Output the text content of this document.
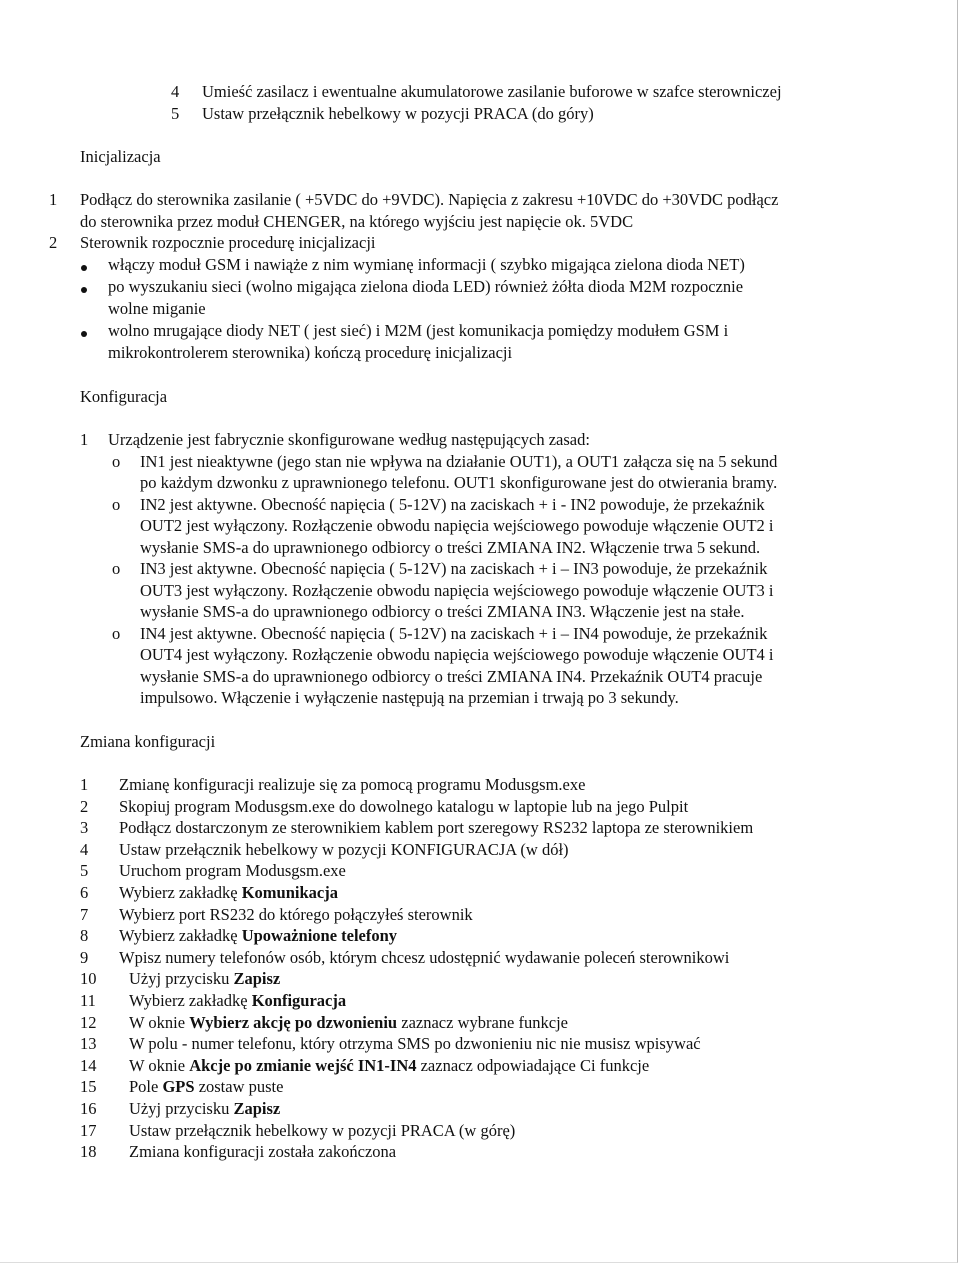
4 Umieść zasilacz i ewentualne akumulatorowe zasilanie buforowe w szafce sterowniczej
5 Ustaw przełącznik hebelkowy w pozycji PRACA (do góry)
Inicjalizacja
1 Podłącz do sterownika zasilanie ( +5VDC do +9VDC). Napięcia z zakresu +10VDC do +30VDC podłącz
do sterownika przez moduł CHENGER, na którego wyjściu jest napięcie ok. 5VDC
2 Sterownik rozpocznie procedurę inicjalizacji
włączy moduł GSM i nawiąże z nim wymianę informacji ( szybko migająca zielona dioda NET)
po wyszukaniu sieci (wolno migająca zielona dioda LED) również żółta dioda M2M rozpocznie
wolne miganie
wolno mrugające diody NET ( jest sieć) i M2M (jest komunikacja pomiędzy modułem GSM i
mikrokontrolerem sterownika) kończą procedurę inicjalizacji
Konfiguracja
1 Urządzenie jest fabrycznie skonfigurowane według następujących zasad:
o IN1 jest nieaktywne (jego stan nie wpływa na działanie OUT1), a OUT1 załącza się na 5 sekund
po każdym dzwonku z uprawnionego telefonu. OUT1 skonfigurowane jest do otwierania bramy.
o IN2 jest aktywne. Obecność napięcia ( 5-12V) na zaciskach + i - IN2 powoduje, że przekaźnik
OUT2 jest wyłączony. Rozłączenie obwodu napięcia wejściowego powoduje włączenie OUT2 i
wysłanie SMS-a do uprawnionego odbiorcy o treści ZMIANA IN2. Włączenie trwa 5 sekund.
o IN3 jest aktywne. Obecność napięcia ( 5-12V) na zaciskach + i – IN3 powoduje, że przekaźnik
OUT3 jest wyłączony. Rozłączenie obwodu napięcia wejściowego powoduje włączenie OUT3 i
wysłanie SMS-a do uprawnionego odbiorcy o treści ZMIANA IN3. Włączenie jest na stałe.
o IN4 jest aktywne. Obecność napięcia ( 5-12V) na zaciskach + i – IN4 powoduje, że przekaźnik
OUT4 jest wyłączony. Rozłączenie obwodu napięcia wejściowego powoduje włączenie OUT4 i
wysłanie SMS-a do uprawnionego odbiorcy o treści ZMIANA IN4. Przekaźnik OUT4 pracuje
impulsowo. Włączenie i wyłączenie następują na przemian i trwają po 3 sekundy.
Zmiana konfiguracji
1 Zmianę konfiguracji realizuje się za pomocą programu Modusgsm.exe
2 Skopiuj program Modusgsm.exe do dowolnego katalogu w laptopie lub na jego Pulpit
3 Podłącz dostarczonym ze sterownikiem kablem port szeregowy RS232 laptopa ze sterownikiem
4 Ustaw przełącznik hebelkowy w pozycji KONFIGURACJA (w dół)
5 Uruchom program Modusgsm.exe
6 Wybierz zakładkę Komunikacja
7 Wybierz port RS232 do którego połączyłeś sterownik
8 Wybierz zakładkę Upoważnione telefony
9 Wpisz numery telefonów osób, którym chcesz udostępnić wydawanie poleceń sterownikowi
10 Użyj przycisku Zapisz
11 Wybierz zakładkę Konfiguracja
12 W oknie Wybierz akcję po dzwonieniu zaznacz wybrane funkcje
13 W polu - numer telefonu, który otrzyma SMS po dzwonieniu nic nie musisz wpisywać
14 W oknie Akcje po zmianie wejść IN1-IN4 zaznacz odpowiadające Ci funkcje
15 Pole GPS zostaw puste
16 Użyj przycisku Zapisz
17 Ustaw przełącznik hebelkowy w pozycji PRACA (w górę)
18 Zmiana konfiguracji została zakończona
